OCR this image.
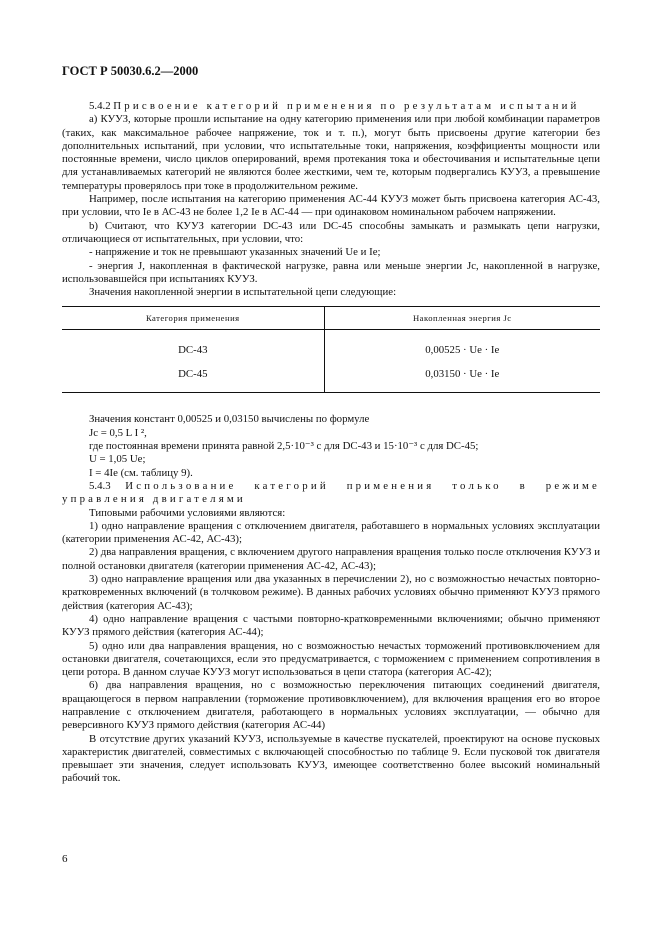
ГОСТ Р 50030.6.2—2000

5.4.2 Присвоение категорий применения по результатам испытаний

а) КУУЗ, которые прошли испытание на одну категорию применения или при любой комбинации параметров (таких, как максимальное рабочее напряжение, ток и т. п.), могут быть присвоены другие категории без дополнительных испытаний, при условии, что испытательные токи, напряжения, коэффициенты мощности или постоянные времени, число циклов оперирований, время протекания тока и обесточивания и испытательные цепи для устанавливаемых категорий не являются более жесткими, чем те, которым подвергались КУУЗ, а превышение температуры проверялось при токе в продолжительном режиме.

Например, после испытания на категорию применения АС-44 КУУЗ может быть присвоена категория АС-43, при условии, что Ie в АС-43 не более 1,2 Ie в АС-44 — при одинаковом номинальном рабочем напряжении.

b) Считают, что КУУЗ категории DC-43 или DC-45 способны замыкать и размыкать цепи нагрузки, отличающиеся от испытательных, при условии, что:

- напряжение и ток не превышают указанных значений Ue и Ie;

- энергия J, накопленная в фактической нагрузке, равна или меньше энергии Jc, накопленной в нагрузке, использовавшейся при испытаниях КУУЗ.

Значения накопленной энергии в испытательной цепи следующие:

Категория применения	Накопленная энергия Jc
DC-43	0,00525 · Ue · Ie
DC-45	0,03150 · Ue · Ie

Значения констант 0,00525 и 0,03150 вычислены по формуле

Jc = 0,5 L I ²,

где постоянная времени принята равной 2,5·10⁻³ с для DC-43 и 15·10⁻³ с для DC-45;

U = 1,05 Ue;

I = 4Ie (см. таблицу 9).

5.4.3 Использование категорий применения только в режиме управления двигателями

Типовыми рабочими условиями являются:

1) одно направление вращения с отключением двигателя, работавшего в нормальных условиях эксплуатации (категории применения АС-42, АС-43);

2) два направления вращения, с включением другого направления вращения только после отключения КУУЗ и полной остановки двигателя (категории применения АС-42, АС-43);

3) одно направление вращения или два указанных в перечислении 2), но с возможностью нечастых повторно-кратковременных включений (в толчковом режиме). В данных рабочих условиях обычно применяют КУУЗ прямого действия (категория АС-43);

4) одно направление вращения с частыми повторно-кратковременными включениями; обычно применяют КУУЗ прямого действия (категория АС-44);

5) одно или два направления вращения, но с возможностью нечастых торможений противовключением для остановки двигателя, сочетающихся, если это предусматривается, с торможением с применением сопротивления в цепи ротора. В данном случае КУУЗ могут использоваться в цепи статора (категория АС-42);

6) два направления вращения, но с возможностью переключения питающих соединений двигателя, вращающегося в первом направлении (торможение противовключением), для включения вращения его во второе направление с отключением двигателя, работающего в нормальных условиях эксплуатации, — обычно для реверсивного КУУЗ прямого действия (категория АС-44)

В отсутствие других указаний КУУЗ, используемые в качестве пускателей, проектируют на основе пусковых характеристик двигателей, совместимых с включающей способностью по таблице 9. Если пусковой ток двигателя превышает эти значения, следует использовать КУУЗ, имеющее соответственно более высокий номинальный рабочий ток.

6
